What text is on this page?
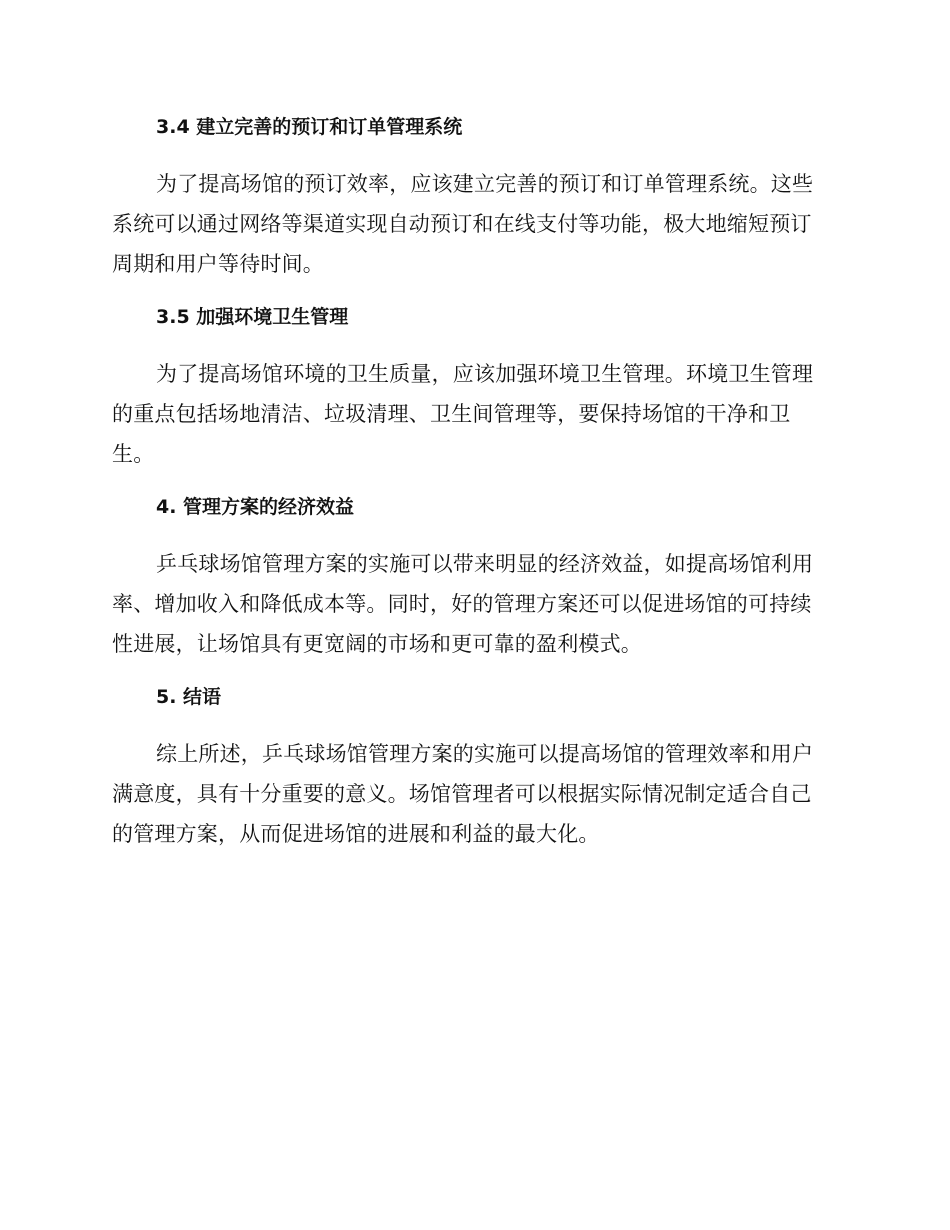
3.4 建立完善的预订和订单管理系统

为了提高场馆的预订效率，应该建立完善的预订和订单管理系统。这些系统可以通过网络等渠道实现自动预订和在线支付等功能，极大地缩短预订周期和用户等待时间。

3.5 加强环境卫生管理

为了提高场馆环境的卫生质量，应该加强环境卫生管理。环境卫生管理的重点包括场地清洁、垃圾清理、卫生间管理等，要保持场馆的干净和卫生。

4. 管理方案的经济效益

乒乓球场馆管理方案的实施可以带来明显的经济效益，如提高场馆利用率、增加收入和降低成本等。同时，好的管理方案还可以促进场馆的可持续性进展，让场馆具有更宽阔的市场和更可靠的盈利模式。

5. 结语

综上所述，乒乓球场馆管理方案的实施可以提高场馆的管理效率和用户满意度，具有十分重要的意义。场馆管理者可以根据实际情况制定适合自己的管理方案，从而促进场馆的进展和利益的最大化。
